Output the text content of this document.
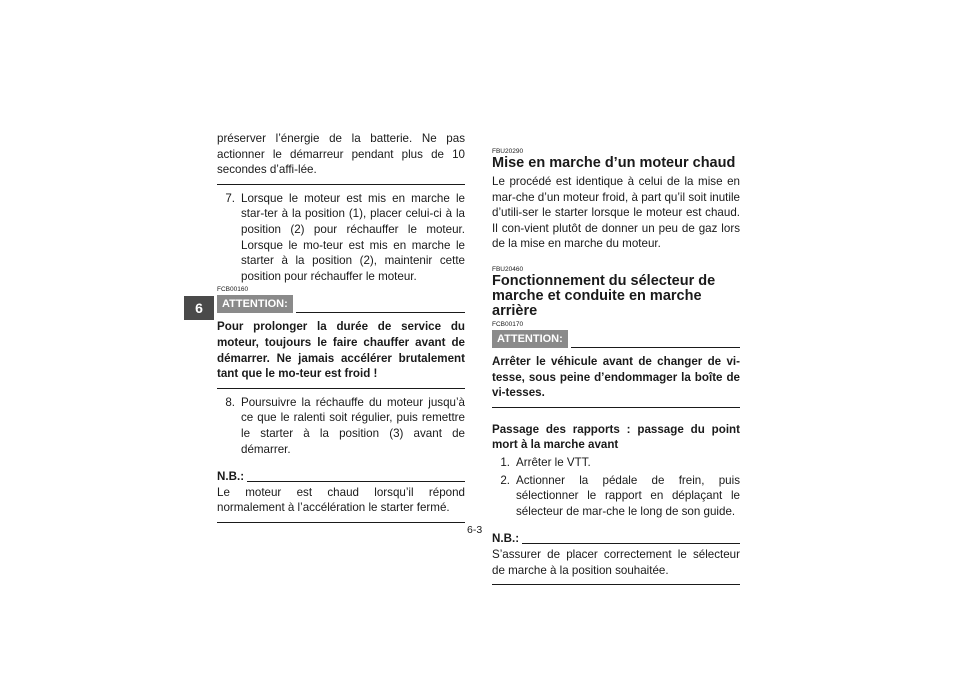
6

préserver l’énergie de la batterie. Ne pas actionner le démarreur pendant plus de 10 secondes d’affi-lée.

7. Lorsque le moteur est mis en marche le star-ter à la position (1), placer celui-ci à la position (2) pour réchauffer le moteur. Lorsque le mo-teur est mis en marche le starter à la position (2), maintenir cette position pour réchauffer le moteur.
FCB00160
ATTENTION:

Pour prolonger la durée de service du moteur, toujours le faire chauffer avant de démarrer. Ne jamais accélérer brutalement tant que le mo-teur est froid !

8. Poursuivre la réchauffe du moteur jusqu’à ce que le ralenti soit régulier, puis remettre le starter à la position (3) avant de démarrer.
N.B.:

Le moteur est chaud lorsqu’il répond normalement à l’accélération le starter fermé.

FBU20290
Mise en marche d’un moteur chaud

Le procédé est identique à celui de la mise en mar-che d’un moteur froid, à part qu’il soit inutile d’utili-ser le starter lorsque le moteur est chaud. Il con-vient plutôt de donner un peu de gaz lors de la mise en marche du moteur.

FBU20460
Fonctionnement du sélecteur de marche et conduite en marche arrière
FCB00170
ATTENTION:

Arrêter le véhicule avant de changer de vi-tesse, sous peine d’endommager la boîte de vi-tesses.

Passage des rapports : passage du point mort à la marche avant

1. Arrêter le VTT.
2. Actionner la pédale de frein, puis sélectionner le rapport en déplaçant le sélecteur de mar-che le long de son guide.
N.B.:

S’assurer de placer correctement le sélecteur de marche à la position souhaitée.

6-3
